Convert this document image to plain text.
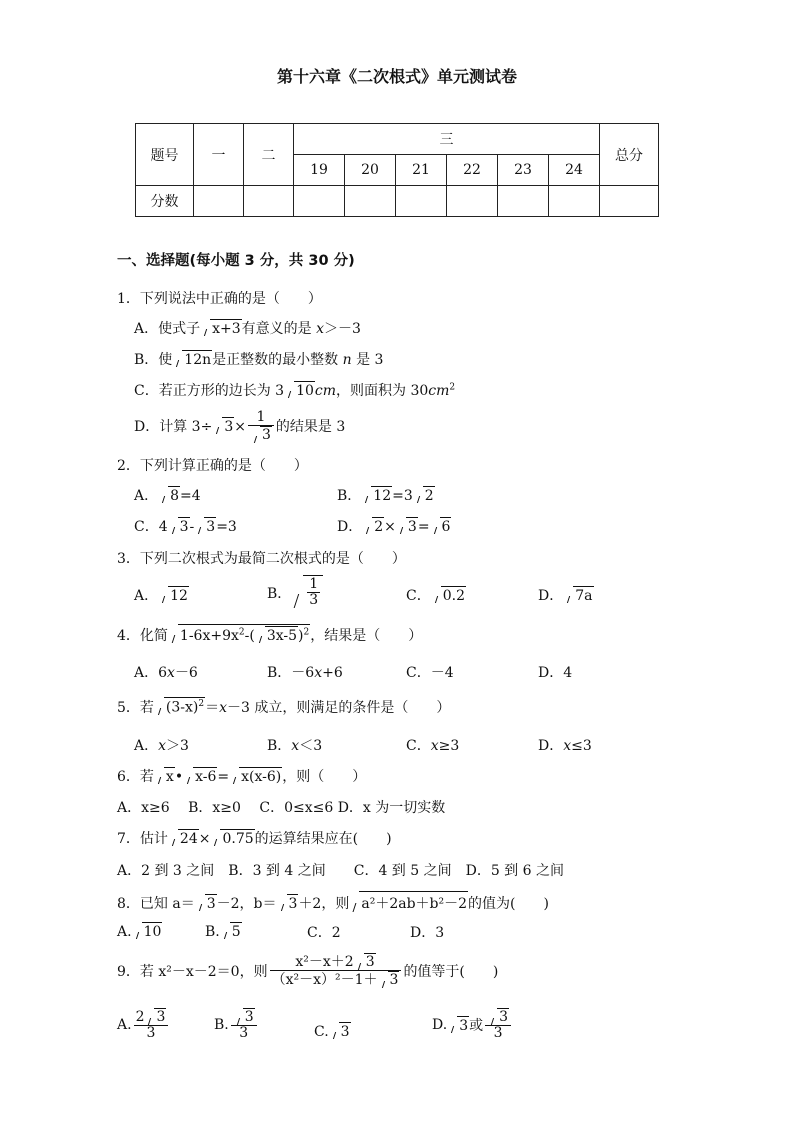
第十六章《二次根式》单元测试卷
题号	一	二	三						总分
			19	20	21	22	23	24	
分数									
一、选择题(每小题 3 分，共 30 分)
1．下列说法中正确的是（　　）
A．使式子 x+3有意义的是 x＞－3
B．使 12n是正整数的最小整数 n 是 3
C．若正方形的边长为 3 10cm，则面积为 $30cm^2$
D．计算 $3\div 3\times \frac{1}{3}$ 的结果是 3
2．下列计算正确的是（　　）
A． 8=4	B． 12=3 2
C．4 3- 3=3	D． 2× 3= 6
3．下列二次根式为最简二次根式的是（　　）
A． 12	B． $\frac{1}{3}$	C． 0.2	D． 7a
4．化简 $1-6x+9x^2-$( 3x-5)$^2$，结果是（　　）
A．6x－6	B．－6x+6	C．－4	D．4
5．若 $(3-x)^2=x-3$ 成立，则满足的条件是（　　）
A．x＞3	B．x＜3	C．x≥3	D．x≤3
6．若 x• x-6= x(x-6)，则（　　）
A．x≥6　 B．x≥0　 C．0≤x≤6 D．x 为一切实数
7．估计 24× 0.75的运算结果应在(　　)
A．2 到 3 之间　B．3 到 4 之间　　C．4 到 5 之间　D．5 到 6 之间
8．已知 a＝ 3－2，b＝ 3＋2，则 a²＋2ab＋b²－2的值为(　　)
A. 10	B. 5	C．2	D．3
9．若 x²－x－2＝0，则 $\frac{\text{x²－x＋2 3}}{\text{（x²－x）²－1＋ 3}}$ 的值等于(　　)
A. $\frac{2 3}{3}$	B. $\frac{3}{3}$	C. 3	D. 3或 $\frac{3}{3}$
